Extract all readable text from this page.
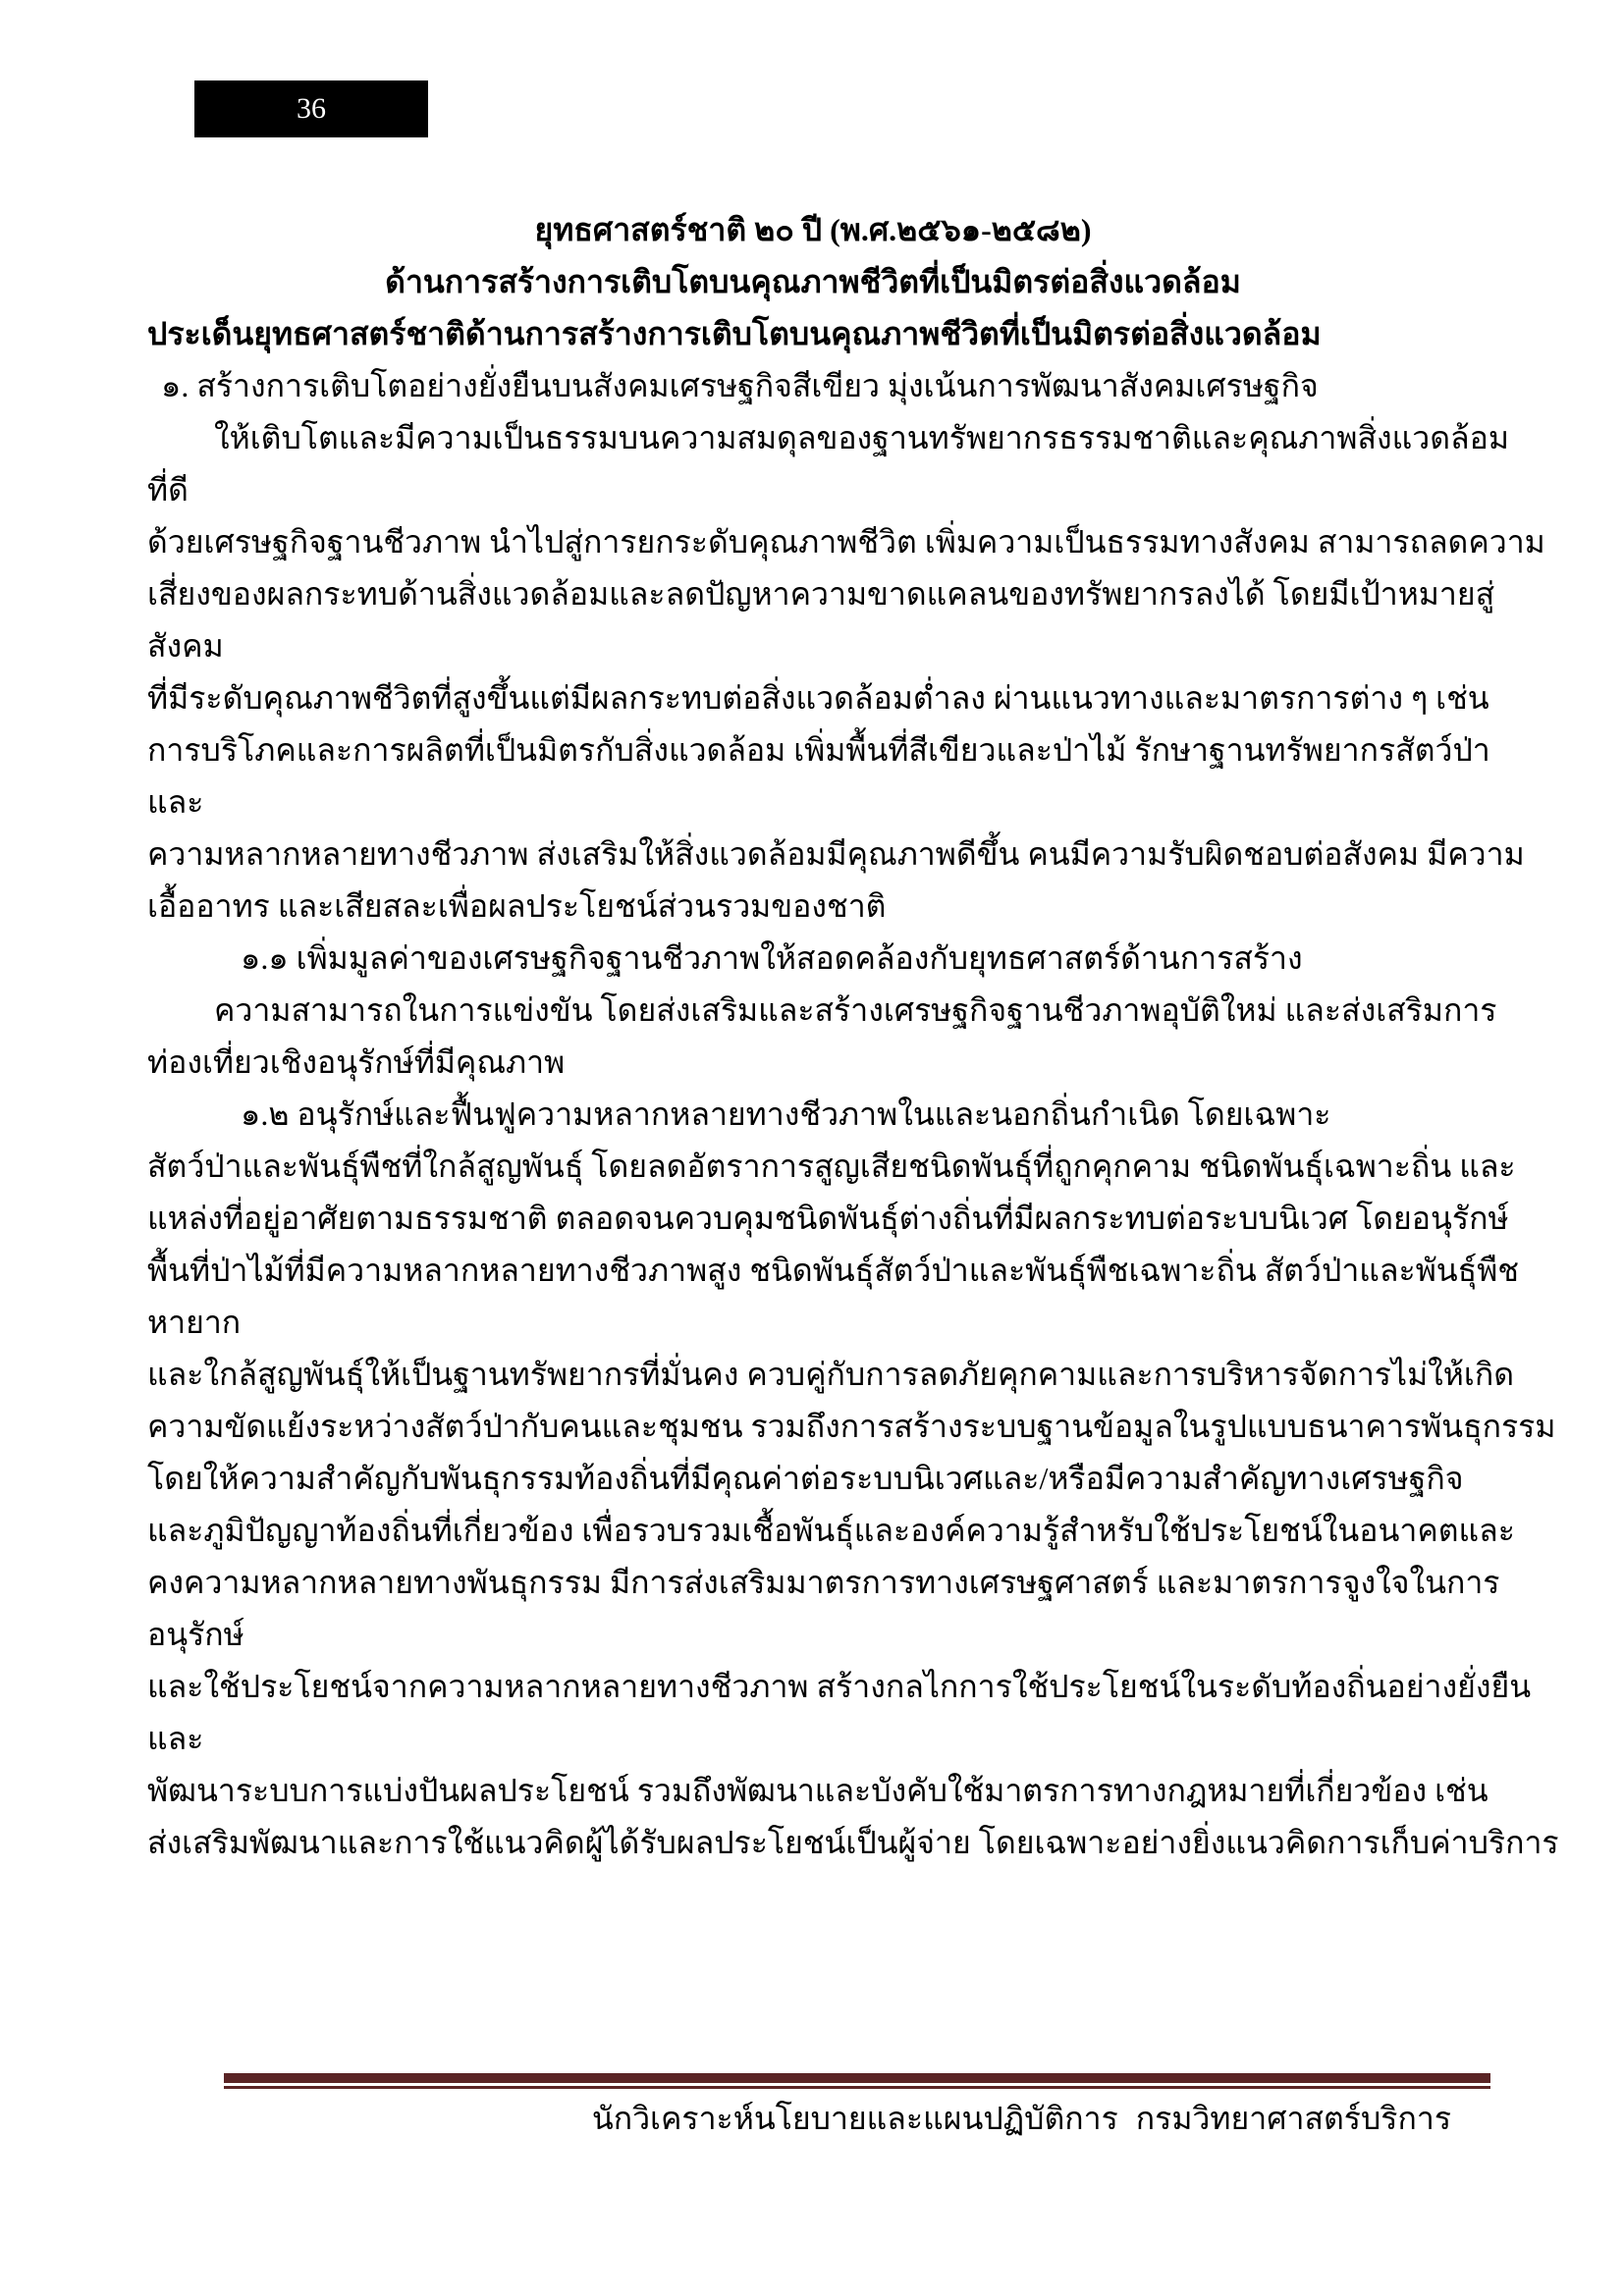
36
ยุทธศาสตร์ชาติ ๒๐ ปี (พ.ศ.๒๕๖๑-๒๕๘๒)
ด้านการสร้างการเติบโตบนคุณภาพชีวิตที่เป็นมิตรต่อสิ่งแวดล้อม
ประเด็นยุทธศาสตร์ชาติด้านการสร้างการเติบโตบนคุณภาพชีวิตที่เป็นมิตรต่อสิ่งแวดล้อม
๑. สร้างการเติบโตอย่างยั่งยืนบนสังคมเศรษฐกิจสีเขียว มุ่งเน้นการพัฒนาสังคมเศรษฐกิจ
ให้เติบโตและมีความเป็นธรรมบนความสมดุลของฐานทรัพยากรธรรมชาติและคุณภาพสิ่งแวดล้อม
ที่ดี
ด้วยเศรษฐกิจฐานชีวภาพ นำไปสู่การยกระดับคุณภาพชีวิต เพิ่มความเป็นธรรมทางสังคม สามารถลดความ
เสี่ยงของผลกระทบด้านสิ่งแวดล้อมและลดปัญหาความขาดแคลนของทรัพยากรลงได้ โดยมีเป้าหมายสู่
สังคม
ที่มีระดับคุณภาพชีวิตที่สูงขึ้นแต่มีผลกระทบต่อสิ่งแวดล้อมต่ำลง ผ่านแนวทางและมาตรการต่าง ๆ เช่น
การบริโภคและการผลิตที่เป็นมิตรกับสิ่งแวดล้อม เพิ่มพื้นที่สีเขียวและป่าไม้ รักษาฐานทรัพยากรสัตว์ป่า
และ
ความหลากหลายทางชีวภาพ ส่งเสริมให้สิ่งแวดล้อมมีคุณภาพดีขึ้น คนมีความรับผิดชอบต่อสังคม มีความ
เอื้ออาทร และเสียสละเพื่อผลประโยชน์ส่วนรวมของชาติ
๑.๑ เพิ่มมูลค่าของเศรษฐกิจฐานชีวภาพให้สอดคล้องกับยุทธศาสตร์ด้านการสร้าง
ความสามารถในการแข่งขัน โดยส่งเสริมและสร้างเศรษฐกิจฐานชีวภาพอุบัติใหม่ และส่งเสริมการ
ท่องเที่ยวเชิงอนุรักษ์ที่มีคุณภาพ
๑.๒ อนุรักษ์และฟื้นฟูความหลากหลายทางชีวภาพในและนอกถิ่นกำเนิด โดยเฉพาะ
สัตว์ป่าและพันธุ์พืชที่ใกล้สูญพันธุ์ โดยลดอัตราการสูญเสียชนิดพันธุ์ที่ถูกคุกคาม ชนิดพันธุ์เฉพาะถิ่น และ
แหล่งที่อยู่อาศัยตามธรรมชาติ ตลอดจนควบคุมชนิดพันธุ์ต่างถิ่นที่มีผลกระทบต่อระบบนิเวศ โดยอนุรักษ์
พื้นที่ป่าไม้ที่มีความหลากหลายทางชีวภาพสูง ชนิดพันธุ์สัตว์ป่าและพันธุ์พืชเฉพาะถิ่น สัตว์ป่าและพันธุ์พืช
หายาก
และใกล้สูญพันธุ์ให้เป็นฐานทรัพยากรที่มั่นคง ควบคู่กับการลดภัยคุกคามและการบริหารจัดการไม่ให้เกิด
ความขัดแย้งระหว่างสัตว์ป่ากับคนและชุมชน รวมถึงการสร้างระบบฐานข้อมูลในรูปแบบธนาคารพันธุกรรม
โดยให้ความสำคัญกับพันธุกรรมท้องถิ่นที่มีคุณค่าต่อระบบนิเวศและ/หรือมีความสำคัญทางเศรษฐกิจ
และภูมิปัญญาท้องถิ่นที่เกี่ยวข้อง เพื่อรวบรวมเชื้อพันธุ์และองค์ความรู้สำหรับใช้ประโยชน์ในอนาคตและ
คงความหลากหลายทางพันธุกรรม มีการส่งเสริมมาตรการทางเศรษฐศาสตร์ และมาตรการจูงใจในการ
อนุรักษ์
และใช้ประโยชน์จากความหลากหลายทางชีวภาพ สร้างกลไกการใช้ประโยชน์ในระดับท้องถิ่นอย่างยั่งยืน
และ
พัฒนาระบบการแบ่งปันผลประโยชน์ รวมถึงพัฒนาและบังคับใช้มาตรการทางกฎหมายที่เกี่ยวข้อง เช่น
ส่งเสริมพัฒนาและการใช้แนวคิดผู้ได้รับผลประโยชน์เป็นผู้จ่าย โดยเฉพาะอย่างยิ่งแนวคิดการเก็บค่าบริการ
นักวิเคราะห์นโยบายและแผนปฏิบัติการ กรมวิทยาศาสตร์บริการ
